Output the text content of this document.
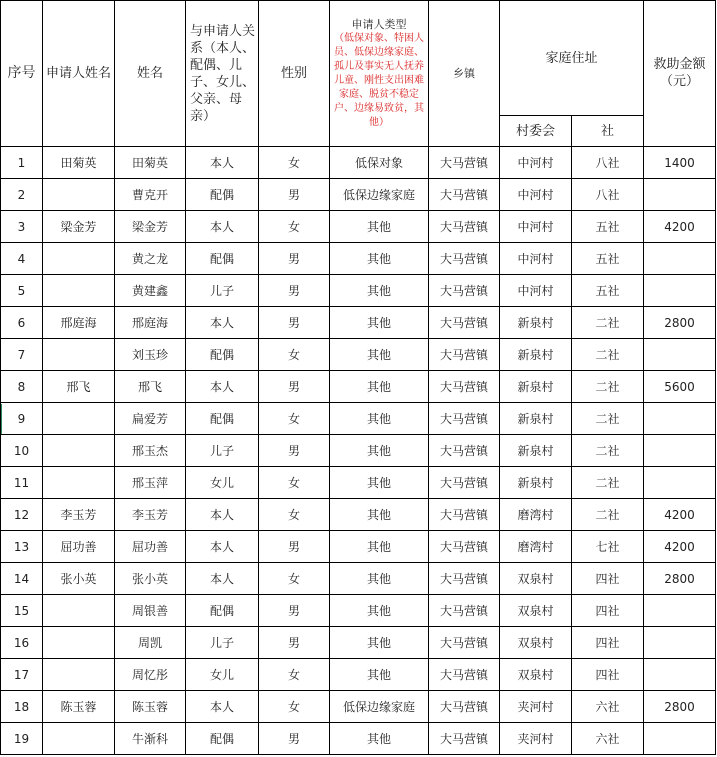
序号	申请人姓名	姓名	与申请人关系（本人、配偶、儿子、女儿、父亲、母亲）	性别	申请人类型
（低保对象、特困人员、低保边缘家庭、孤儿及事实无人抚养儿童、刚性支出困难家庭、脱贫不稳定户、边缘易致贫，其他）	乡镇	家庭住址		救助金额（元）
							村委会	社	
1	田菊英	田菊英	本人	女	低保对象	大马营镇	中河村	八社	1400
2		曹克开	配偶	男	低保边缘家庭	大马营镇	中河村	八社	
3	梁金芳	梁金芳	本人	女	其他	大马营镇	中河村	五社	4200
4		黄之龙	配偶	男	其他	大马营镇	中河村	五社	
5		黄建鑫	儿子	男	其他	大马营镇	中河村	五社	
6	邢庭海	邢庭海	本人	男	其他	大马营镇	新泉村	二社	2800
7		刘玉珍	配偶	女	其他	大马营镇	新泉村	二社	
8	邢飞	邢飞	本人	男	其他	大马营镇	新泉村	二社	5600
9		扁爱芳	配偶	女	其他	大马营镇	新泉村	二社	
10		邢玉杰	儿子	男	其他	大马营镇	新泉村	二社	
11		邢玉萍	女儿	女	其他	大马营镇	新泉村	二社	
12	李玉芳	李玉芳	本人	女	其他	大马营镇	磨湾村	二社	4200
13	屈功善	屈功善	本人	男	其他	大马营镇	磨湾村	七社	4200
14	张小英	张小英	本人	女	其他	大马营镇	双泉村	四社	2800
15		周银善	配偶	男	其他	大马营镇	双泉村	四社	
16		周凯	儿子	男	其他	大马营镇	双泉村	四社	
17		周忆彤	女儿	女	其他	大马营镇	双泉村	四社	
18	陈玉蓉	陈玉蓉	本人	女	低保边缘家庭	大马营镇	夹河村	六社	2800
19		牛渐科	配偶	男	其他	大马营镇	夹河村	六社	
